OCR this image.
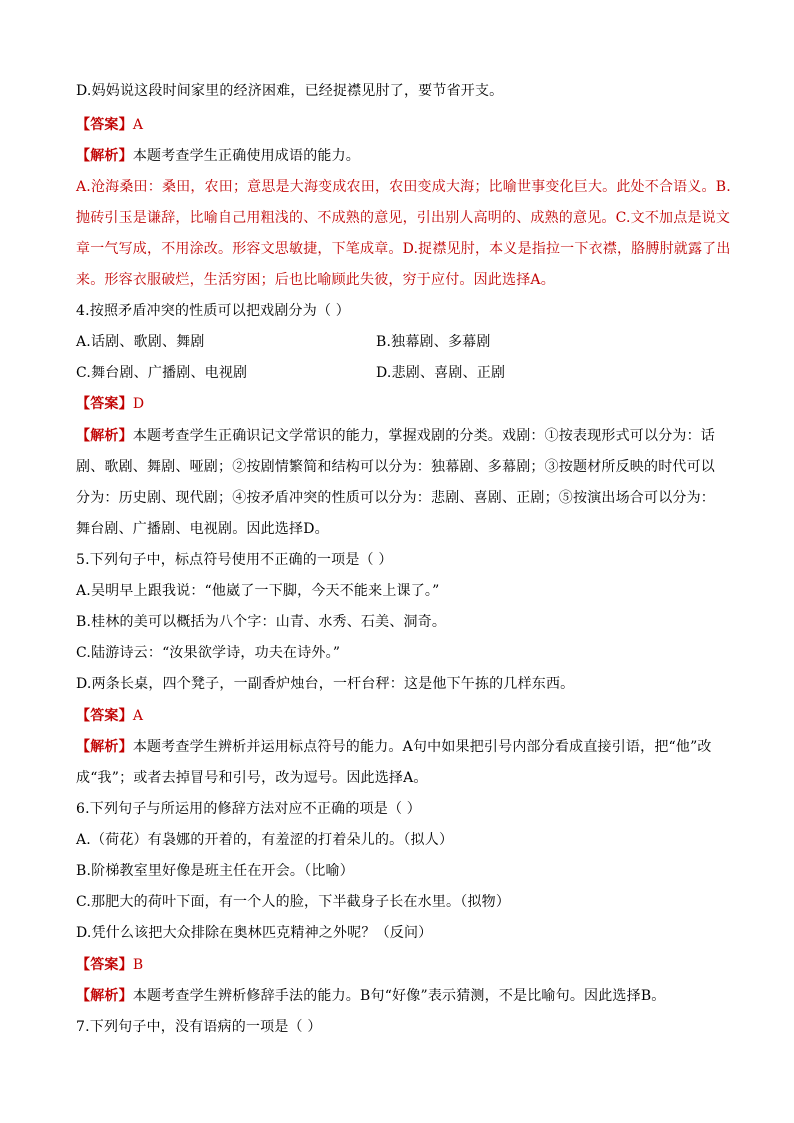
D.妈妈说这段时间家里的经济困难，已经捉襟见肘了，要节省开支。
【答案】A
【解析】本题考查学生正确使用成语的能力。
A.沧海桑田：桑田，农田；意思是大海变成农田，农田变成大海；比喻世事变化巨大。此处不合语义。B.
抛砖引玉是谦辞，比喻自己用粗浅的、不成熟的意见，引出别人高明的、成熟的意见。C.文不加点是说文
章一气写成，不用涂改。形容文思敏捷，下笔成章。D.捉襟见肘，本义是指拉一下衣襟，胳膊肘就露了出
来。形容衣服破烂，生活穷困；后也比喻顾此失彼，穷于应付。因此选择A。
4.按照矛盾冲突的性质可以把戏剧分为（ ）
A.话剧、歌剧、舞剧	B.独幕剧、多幕剧
C.舞台剧、广播剧、电视剧	D.悲剧、喜剧、正剧
【答案】D
【解析】本题考查学生正确识记文学常识的能力，掌握戏剧的分类。戏剧：①按表现形式可以分为：话
剧、歌剧、舞剧、哑剧；②按剧情繁简和结构可以分为：独幕剧、多幕剧；③按题材所反映的时代可以
分为：历史剧、现代剧；④按矛盾冲突的性质可以分为：悲剧、喜剧、正剧；⑤按演出场合可以分为：
舞台剧、广播剧、电视剧。因此选择D。
5.下列句子中，标点符号使用不正确的一项是（ ）
A.吴明早上跟我说：“他崴了一下脚，今天不能来上课了。”
B.桂林的美可以概括为八个字：山青、水秀、石美、洞奇。
C.陆游诗云：“汝果欲学诗，功夫在诗外。”
D.两条长桌，四个凳子，一副香炉烛台，一杆台秤：这是他下午拣的几样东西。
【答案】A
【解析】本题考查学生辨析并运用标点符号的能力。A句中如果把引号内部分看成直接引语，把“他”改
成“我”；或者去掉冒号和引号，改为逗号。因此选择A。
6.下列句子与所运用的修辞方法对应不正确的项是（ ）
A.（荷花）有袅娜的开着的，有羞涩的打着朵儿的。（拟人）
B.阶梯教室里好像是班主任在开会。（比喻）
C.那肥大的荷叶下面，有一个人的脸，下半截身子长在水里。（拟物）
D.凭什么该把大众排除在奥林匹克精神之外呢？（反问）
【答案】B
【解析】本题考查学生辨析修辞手法的能力。B句“好像”表示猜测，不是比喻句。因此选择B。
7.下列句子中，没有语病的一项是（ ）
